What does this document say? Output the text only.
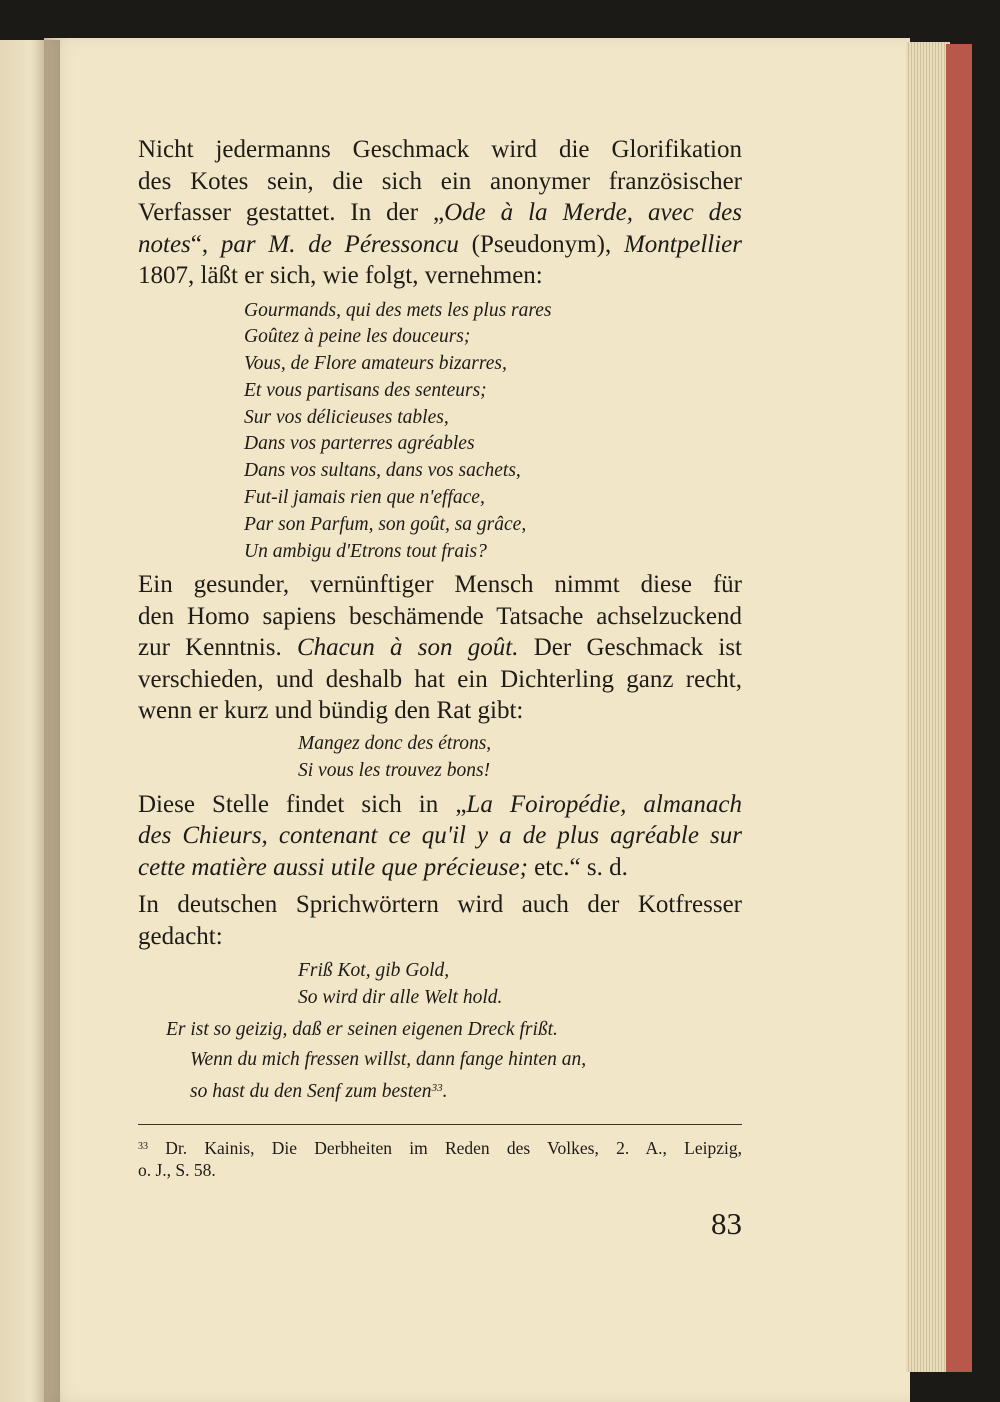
Nicht jedermanns Geschmack wird die Glorifikation
des Kotes sein, die sich ein anonymer französischer
Verfasser gestattet. In der „Ode à la Merde, avec des
notes“, par M. de Péressoncu (Pseudonym), Montpellier
1807, läßt er sich, wie folgt, vernehmen:

Gourmands, qui des mets les plus rares
Goûtez à peine les douceurs;
Vous, de Flore amateurs bizarres,
Et vous partisans des senteurs;
Sur vos délicieuses tables,
Dans vos parterres agréables
Dans vos sultans, dans vos sachets,
Fut-il jamais rien que n'efface,
Par son Parfum, son goût, sa grâce,
Un ambigu d'Etrons tout frais?

Ein gesunder, vernünftiger Mensch nimmt diese für
den Homo sapiens beschämende Tatsache achselzuckend
zur Kenntnis. Chacun à son goût. Der Geschmack ist
verschieden, und deshalb hat ein Dichterling ganz recht,
wenn er kurz und bündig den Rat gibt:

Mangez donc des étrons,
Si vous les trouvez bons!

Diese Stelle findet sich in „La Foiropédie, almanach
des Chieurs, contenant ce qu'il y a de plus agréable sur
cette matière aussi utile que précieuse; etc.“ s. d.

In deutschen Sprichwörtern wird auch der Kotfresser
gedacht:

Friß Kot, gib Gold,
So wird dir alle Welt hold.
Er ist so geizig, daß er seinen eigenen Dreck frißt.
Wenn du mich fressen willst, dann fange hinten an,
so hast du den Senf zum besten$^{33}$.
$^{33}$ Dr. Kainis, Die Derbheiten im Reden des Volkes, 2. A., Leipzig,
o. J., S. 58.
83
